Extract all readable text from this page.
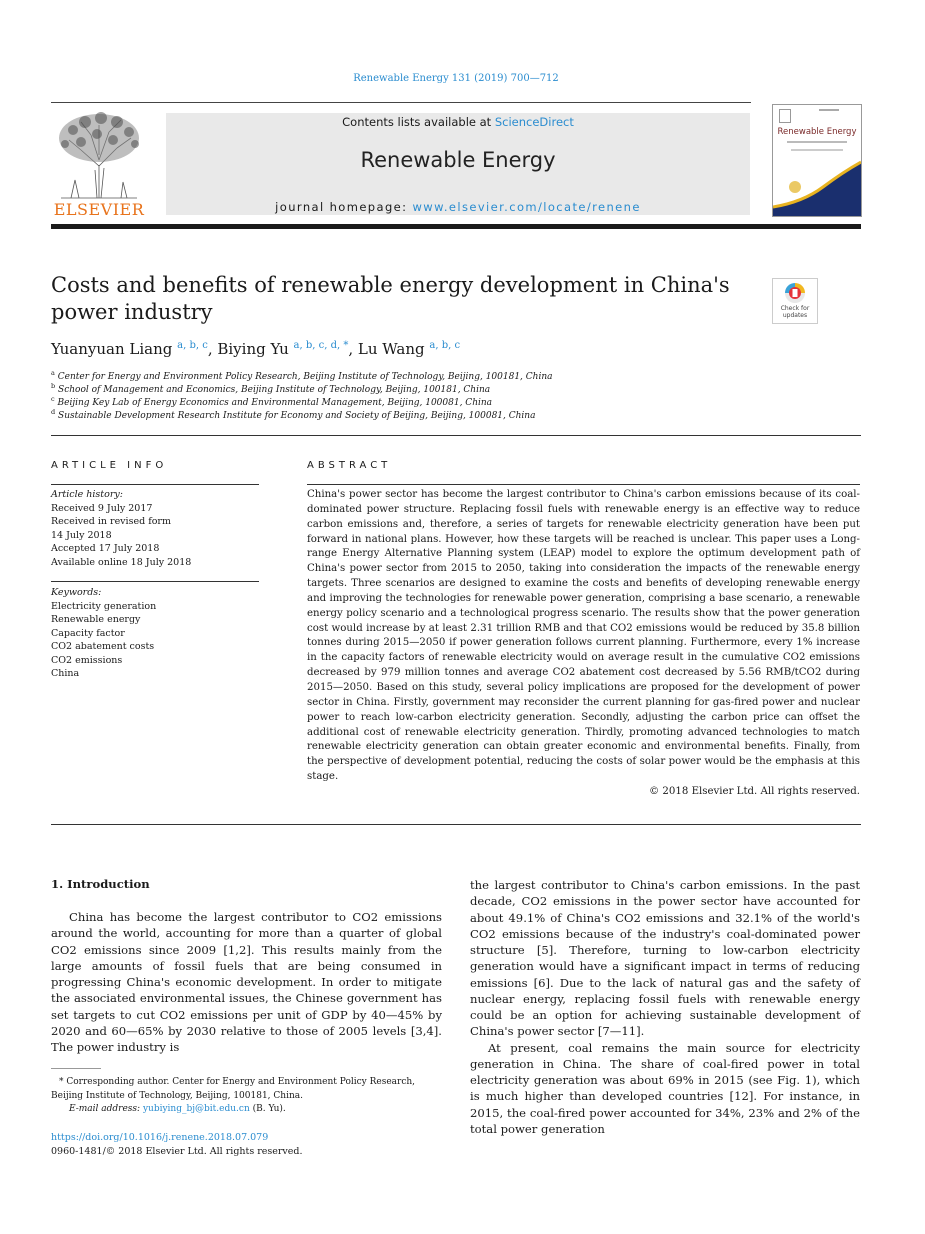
Renewable Energy 131 (2019) 700—712
ELSEVIER
Contents lists available at ScienceDirect
Renewable Energy
journal homepage: www.elsevier.com/locate/renene
Renewable Energy
Costs and benefits of renewable energy development in China's power industry	Check for
updates
Yuanyuan Liang $^{a, b, c}$, Biying Yu $^{a, b, c, d, *}$, Lu Wang $^{a, b, c}$
$^a$ Center for Energy and Environment Policy Research, Beijing Institute of Technology, Beijing, 100181, China
$^b$ School of Management and Economics, Beijing Institute of Technology, Beijing, 100181, China
$^c$ Beijing Key Lab of Energy Economics and Environmental Management, Beijing, 100081, China
$^d$ Sustainable Development Research Institute for Economy and Society of Beijing, Beijing, 100081, China
ARTICLE INFO
Article history:
Received 9 July 2017
Received in revised form
14 July 2018
Accepted 17 July 2018
Available online 18 July 2018
Keywords:
Electricity generation
Renewable energy
Capacity factor
CO2 abatement costs
CO2 emissions
China
ABSTRACT
China's power sector has become the largest contributor to China's carbon emissions because of its coal-dominated power structure. Replacing fossil fuels with renewable energy is an effective way to reduce carbon emissions and, therefore, a series of targets for renewable electricity generation have been put forward in national plans. However, how these targets will be reached is unclear. This paper uses a Long-range Energy Alternative Planning system (LEAP) model to explore the optimum development path of China's power sector from 2015 to 2050, taking into consideration the impacts of the renewable energy targets. Three scenarios are designed to examine the costs and benefits of developing renewable energy and improving the technologies for renewable power generation, comprising a base scenario, a renewable energy policy scenario and a technological progress scenario. The results show that the power generation cost would increase by at least 2.31 trillion RMB and that CO2 emissions would be reduced by 35.8 billion tonnes during 2015—2050 if power generation follows current planning. Furthermore, every 1% increase in the capacity factors of renewable electricity would on average result in the cumulative CO2 emissions decreased by 979 million tonnes and average CO2 abatement cost decreased by 5.56 RMB/tCO2 during 2015—2050. Based on this study, several policy implications are proposed for the development of power sector in China. Firstly, government may reconsider the current planning for gas-fired power and nuclear power to reach low-carbon electricity generation. Secondly, adjusting the carbon price can offset the additional cost of renewable electricity generation. Thirdly, promoting advanced technologies to match renewable electricity generation can obtain greater economic and environmental benefits. Finally, from the perspective of development potential, reducing the costs of solar power would be the emphasis at this stage.
© 2018 Elsevier Ltd. All rights reserved.
1. Introduction

China has become the largest contributor to CO2 emissions around the world, accounting for more than a quarter of global CO2 emissions since 2009 [1,2]. This results mainly from the large amounts of fossil fuels that are being consumed in progressing China's economic development. In order to mitigate the associated environmental issues, the Chinese government has set targets to cut CO2 emissions per unit of GDP by 40—45% by 2020 and 60—65% by 2030 relative to those of 2005 levels [3,4]. The power industry is

the largest contributor to China's carbon emissions. In the past decade, CO2 emissions in the power sector have accounted for about 49.1% of China's CO2 emissions and 32.1% of the world's CO2 emissions because of the industry's coal-dominated power structure [5]. Therefore, turning to low-carbon electricity generation would have a significant impact in terms of reducing emissions [6]. Due to the lack of natural gas and the safety of nuclear energy, replacing fossil fuels with renewable energy could be an option for achieving sustainable development of China's power sector [7—11].

At present, coal remains the main source for electricity generation in China. The share of coal-fired power in total electricity generation was about 69% in 2015 (see Fig. 1), which is much higher than developed countries [12]. For instance, in 2015, the coal-fired power accounted for 34%, 23% and 2% of the total power generation

* Corresponding author. Center for Energy and Environment Policy Research, Beijing Institute of Technology, Beijing, 100181, China.
E-mail address: yubiying_bj@bit.edu.cn (B. Yu).
https://doi.org/10.1016/j.renene.2018.07.079
0960-1481/© 2018 Elsevier Ltd. All rights reserved.
